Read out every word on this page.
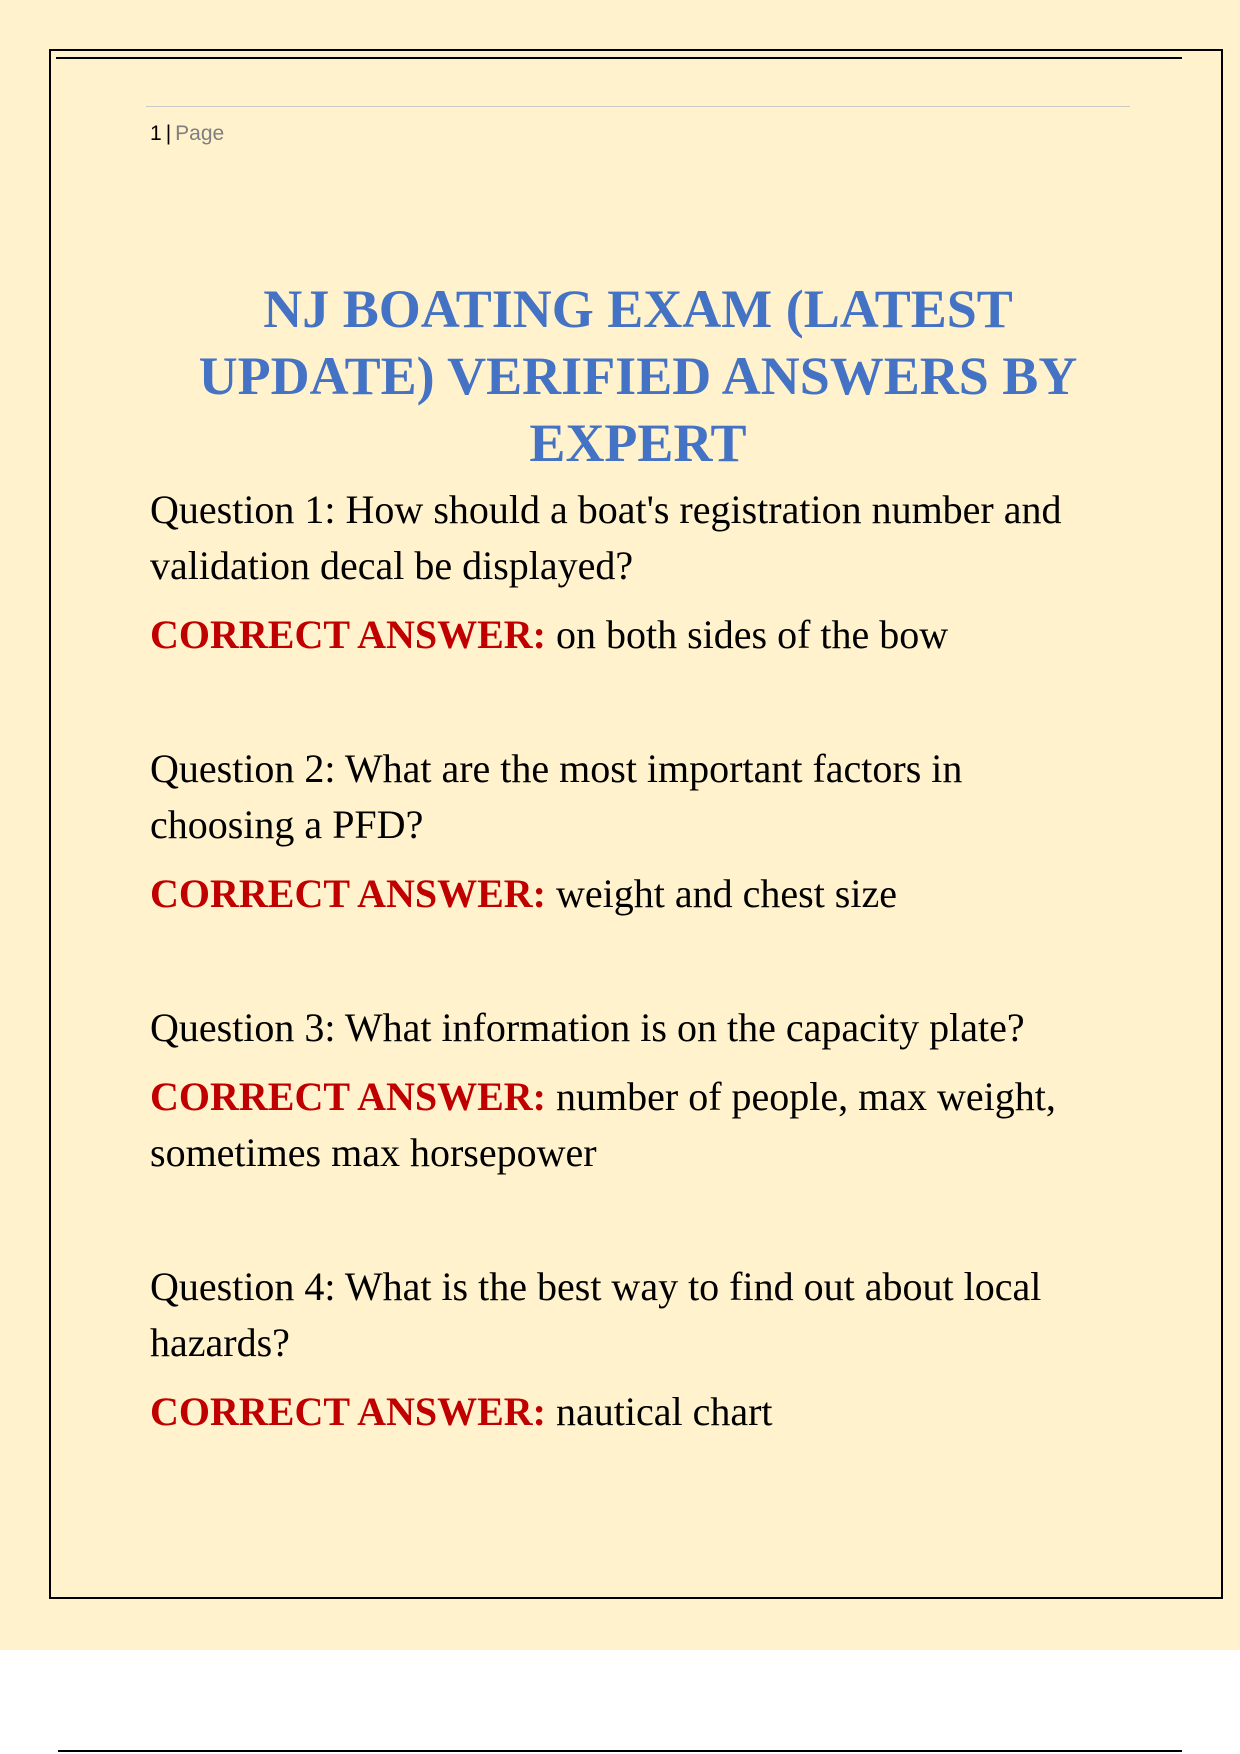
1 | Page
NJ BOATING EXAM (LATEST
UPDATE) VERIFIED ANSWERS BY
EXPERT
Question 1: How should a boat's registration number and validation decal be displayed?
CORRECT ANSWER: on both sides of the bow
Question 2: What are the most important factors in choosing a PFD?
CORRECT ANSWER: weight and chest size
Question 3: What information is on the capacity plate?
CORRECT ANSWER: number of people, max weight, sometimes max horsepower
Question 4: What is the best way to find out about local hazards?
CORRECT ANSWER: nautical chart
